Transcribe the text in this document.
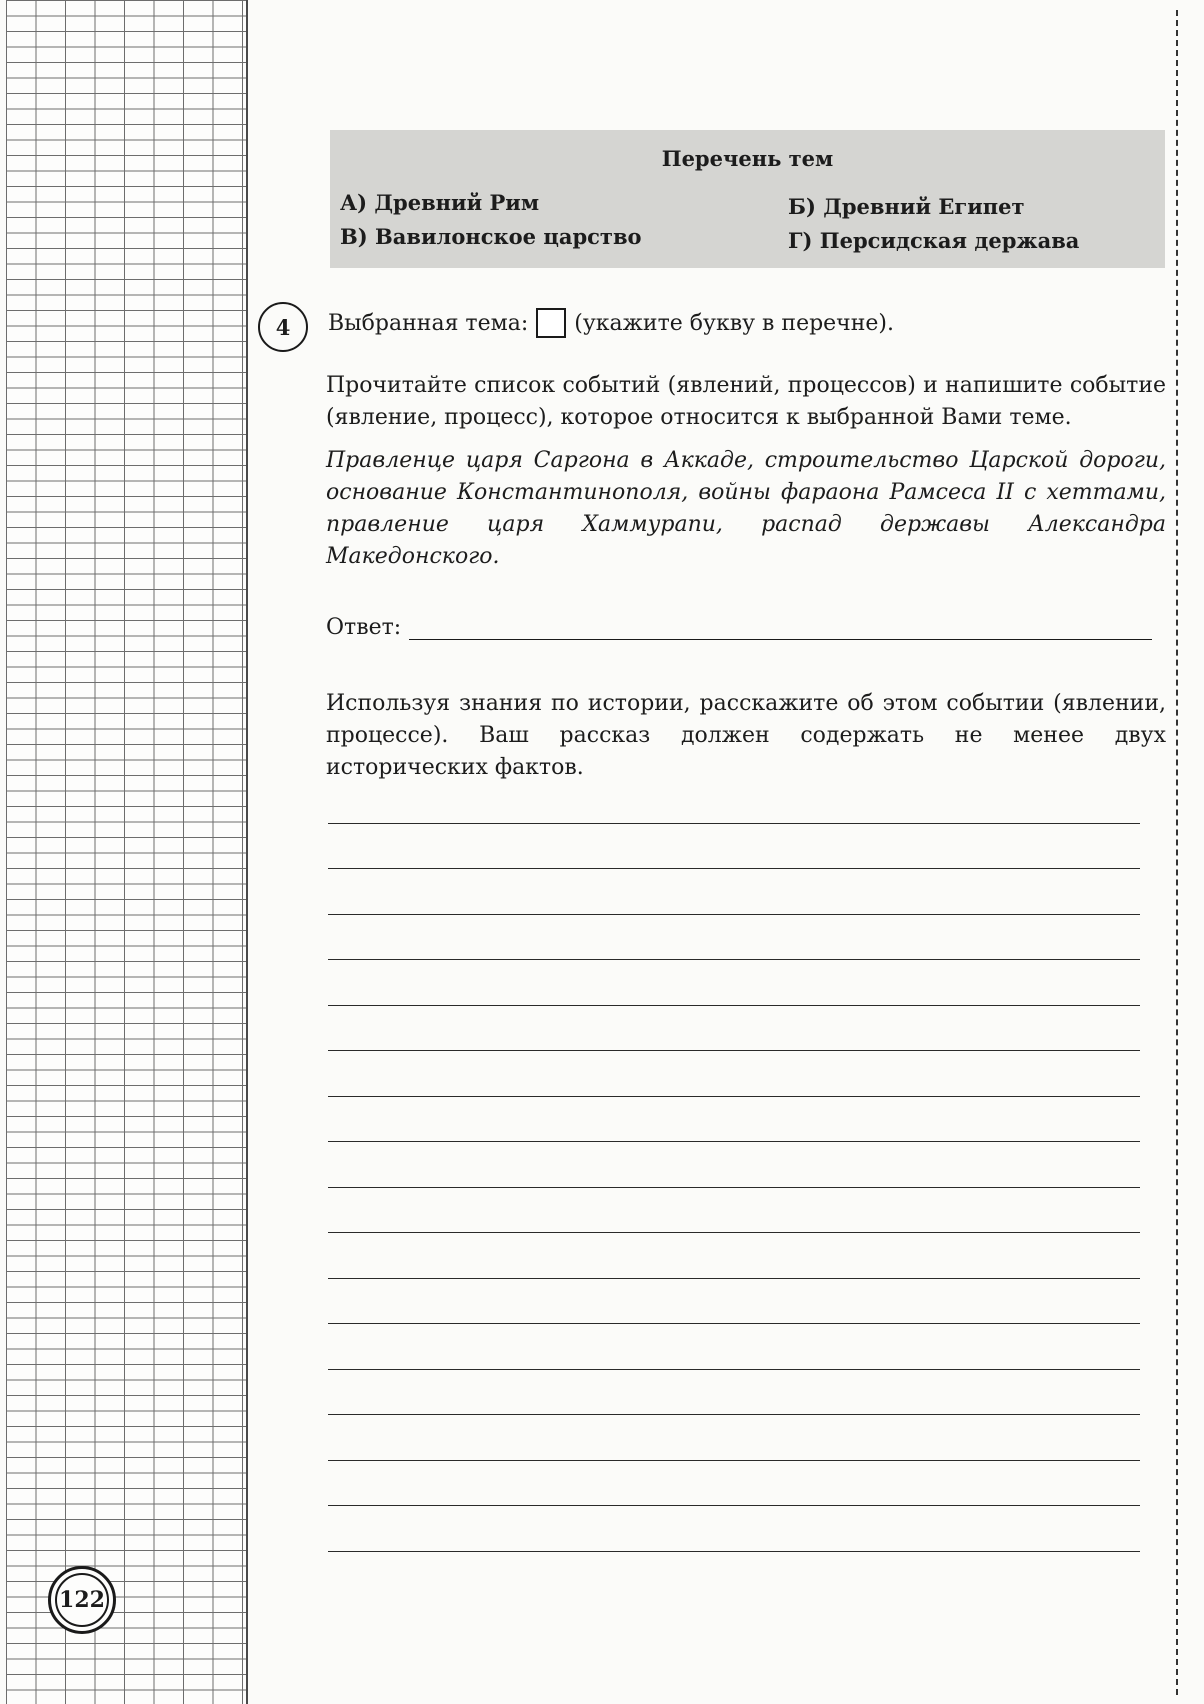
122
Перечень тем
А) Древний Рим
В) Вавилонское царство
Б) Древний Египет
Г) Персидская держава
4	Выбранная тема: (укажите букву в перечне).
Прочитайте список событий (явлений, процессов) и напишите событие (явление, процесс), которое относится к выбранной Вами теме.
Правленце царя Саргона в Аккаде, строительство Царской дороги, основание Константинополя, войны фараона Рамсеса II с хеттами, правление царя Хаммурапи, распад державы Александра Македонского.
Ответ:
Используя знания по истории, расскажите об этом событии (явлении, процессе). Ваш рассказ должен содержать не менее двух исторических фактов.
